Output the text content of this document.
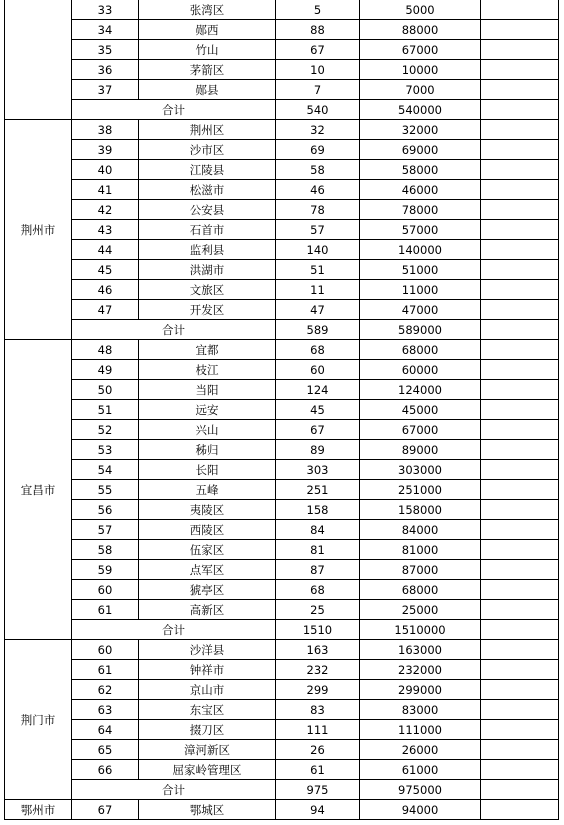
	33	张湾区	5	5000	
	34	郧西	88	88000	
	35	竹山	67	67000	
	36	茅箭区	10	10000	
	37	郧县	7	7000	
	合计		540	540000	
荆州市	38	荆州区	32	32000	
	39	沙市区	69	69000	
	40	江陵县	58	58000	
	41	松滋市	46	46000	
	42	公安县	78	78000	
	43	石首市	57	57000	
	44	监利县	140	140000	
	45	洪湖市	51	51000	
	46	文旅区	11	11000	
	47	开发区	47	47000	
	合计		589	589000	
宜昌市	48	宜都	68	68000	
	49	枝江	60	60000	
	50	当阳	124	124000	
	51	远安	45	45000	
	52	兴山	67	67000	
	53	秭归	89	89000	
	54	长阳	303	303000	
	55	五峰	251	251000	
	56	夷陵区	158	158000	
	57	西陵区	84	84000	
	58	伍家区	81	81000	
	59	点军区	87	87000	
	60	猇亭区	68	68000	
	61	高新区	25	25000	
	合计		1510	1510000	
荆门市	60	沙洋县	163	163000	
	61	钟祥市	232	232000	
	62	京山市	299	299000	
	63	东宝区	83	83000	
	64	掇刀区	111	111000	
	65	漳河新区	26	26000	
	66	屈家岭管理区	61	61000	
	合计		975	975000	
鄂州市	67	鄂城区	94	94000	
